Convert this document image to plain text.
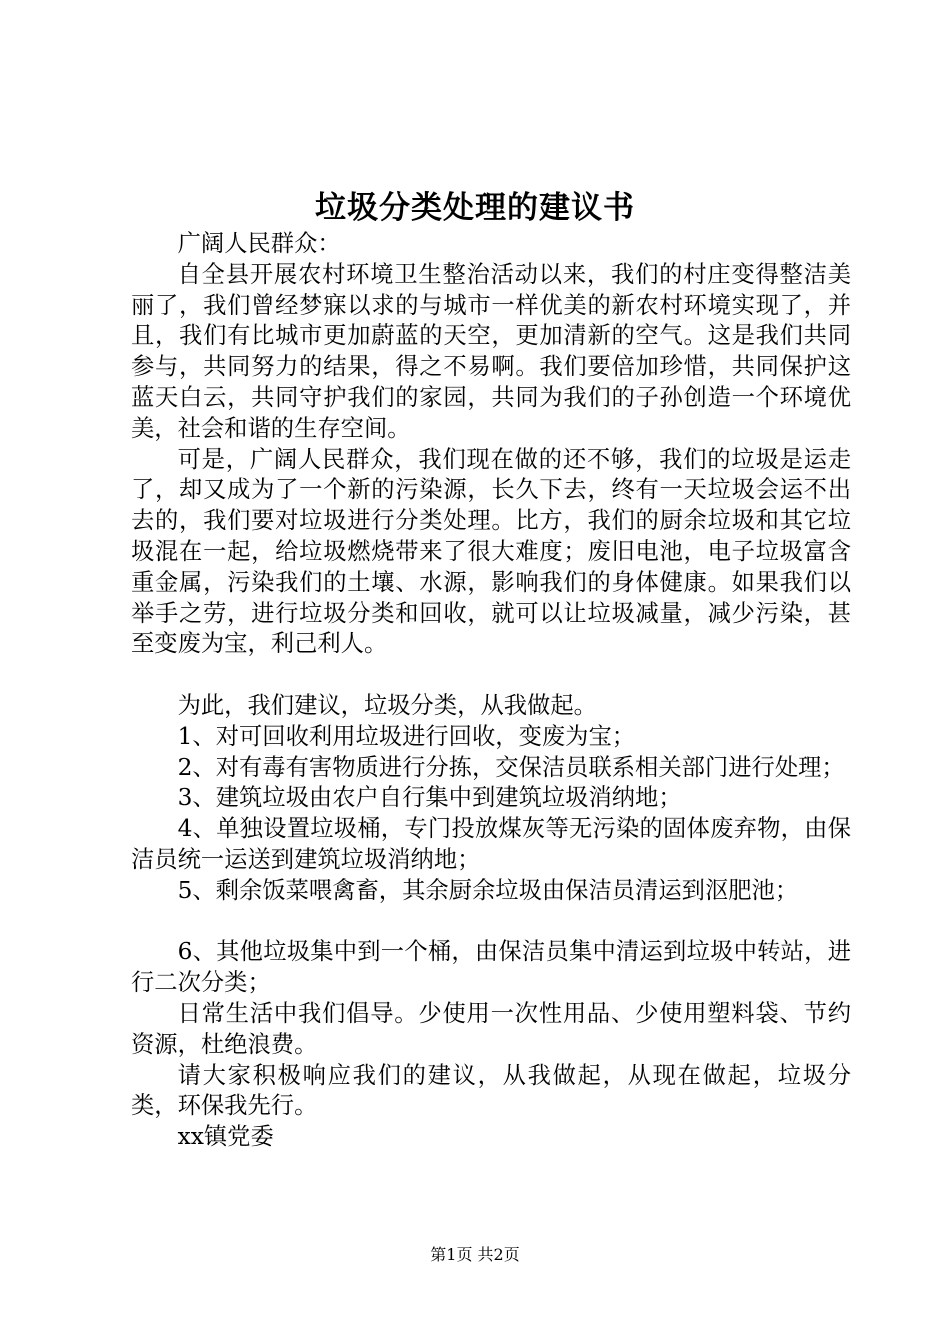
垃圾分类处理的建议书

广阔人民群众：

自全县开展农村环境卫生整治活动以来，我们的村庄变得整洁美丽了，我们曾经梦寐以求的与城市一样优美的新农村环境实现了，并且，我们有比城市更加蔚蓝的天空，更加清新的空气。这是我们共同参与，共同努力的结果，得之不易啊。我们要倍加珍惜，共同保护这蓝天白云，共同守护我们的家园，共同为我们的子孙创造一个环境优美，社会和谐的生存空间。

可是，广阔人民群众，我们现在做的还不够，我们的垃圾是运走了，却又成为了一个新的污染源，长久下去，终有一天垃圾会运不出去的，我们要对垃圾进行分类处理。比方，我们的厨余垃圾和其它垃圾混在一起，给垃圾燃烧带来了很大难度；废旧电池，电子垃圾富含重金属，污染我们的土壤、水源，影响我们的身体健康。如果我们以举手之劳，进行垃圾分类和回收，就可以让垃圾减量，减少污染，甚至变废为宝，利己利人。

为此，我们建议，垃圾分类，从我做起。

1、对可回收利用垃圾进行回收，变废为宝；

2、对有毒有害物质进行分拣，交保洁员联系相关部门进行处理；

3、建筑垃圾由农户自行集中到建筑垃圾消纳地；

4、单独设置垃圾桶，专门投放煤灰等无污染的固体废弃物，由保洁员统一运送到建筑垃圾消纳地；

5、剩余饭菜喂禽畜，其余厨余垃圾由保洁员清运到沤肥池；

6、其他垃圾集中到一个桶，由保洁员集中清运到垃圾中转站，进行二次分类；

日常生活中我们倡导。少使用一次性用品、少使用塑料袋、节约资源，杜绝浪费。

请大家积极响应我们的建议，从我做起，从现在做起，垃圾分类，环保我先行。

xx镇党委

第1页 共2页
